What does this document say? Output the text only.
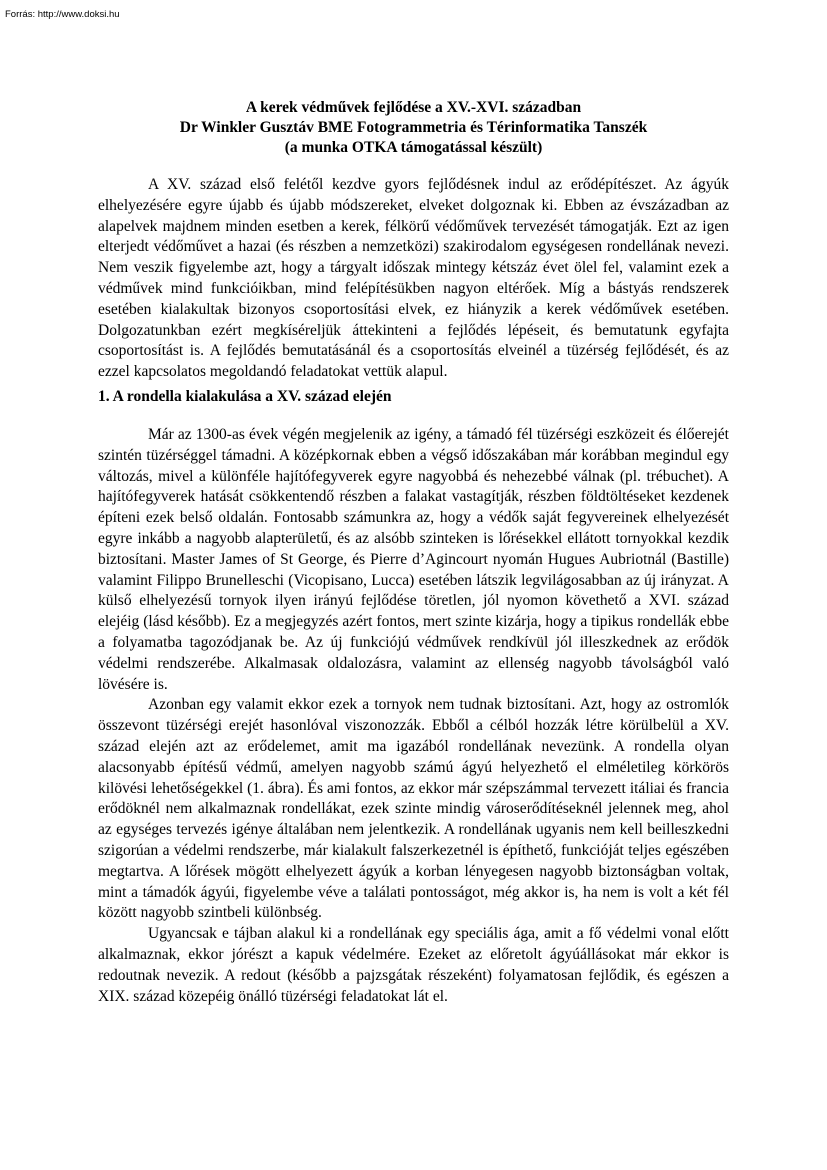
Forrás: http://www.doksi.hu

A kerek védművek fejlődése a XV.-XVI. században

Dr Winkler Gusztáv BME Fotogrammetria és Térinformatika Tanszék

(a munka OTKA támogatással készült)

A XV. század első felétől kezdve gyors fejlődésnek indul az erődépítészet. Az ágyúk elhelyezésére egyre újabb és újabb módszereket, elveket dolgoznak ki. Ebben az évszázadban az alapelvek majdnem minden esetben a kerek, félkörű védőművek tervezését támogatják. Ezt az igen elterjedt védőművet a hazai (és részben a nemzetközi) szakirodalom egységesen rondellának nevezi. Nem veszik figyelembe azt, hogy a tárgyalt időszak mintegy kétszáz évet ölel fel, valamint ezek a védművek mind funkcióikban, mind felépítésükben nagyon eltérőek. Míg a bástyás rendszerek esetében kialakultak bizonyos csoportosítási elvek, ez hiányzik a kerek védőművek esetében. Dolgozatunkban ezért megkíséreljük áttekinteni a fejlődés lépéseit, és bemutatunk egyfajta csoportosítást is. A fejlődés bemutatásánál és a csoportosítás elveinél a tüzérség fejlődését, és az ezzel kapcsolatos megoldandó feladatokat vettük alapul.

1. A rondella kialakulása a XV. század elején

Már az 1300-as évek végén megjelenik az igény, a támadó fél tüzérségi eszközeit és élőerejét szintén tüzérséggel támadni. A középkornak ebben a végső időszakában már korábban megindul egy változás, mivel a különféle hajítófegyverek egyre nagyobbá és nehezebbé válnak (pl. trébuchet). A hajítófegyverek hatását csökkentendő részben a falakat vastagítják, részben földtöltéseket kezdenek építeni ezek belső oldalán. Fontosabb számunkra az, hogy a védők saját fegyvereinek elhelyezését egyre inkább a nagyobb alapterületű, és az alsóbb szinteken is lőrésekkel ellátott tornyokkal kezdik biztosítani. Master James of St George, és Pierre d’Agincourt nyomán Hugues Aubriotnál (Bastille) valamint Filippo Brunelleschi (Vicopisano, Lucca) esetében látszik legvilágosabban az új irányzat. A külső elhelyezésű tornyok ilyen irányú fejlődése töretlen, jól nyomon követhető a XVI. század elejéig (lásd később). Ez a megjegyzés azért fontos, mert szinte kizárja, hogy a tipikus rondellák ebbe a folyamatba tagozódjanak be. Az új funkciójú védművek rendkívül jól illeszkednek az erődök védelmi rendszerébe. Alkalmasak oldalozásra, valamint az ellenség nagyobb távolságból való lövésére is.

Azonban egy valamit ekkor ezek a tornyok nem tudnak biztosítani. Azt, hogy az ostromlók összevont tüzérségi erejét hasonlóval viszonozzák. Ebből a célból hozzák létre körülbelül a XV. század elején azt az erődelemet, amit ma igazából rondellának nevezünk. A rondella olyan alacsonyabb építésű védmű, amelyen nagyobb számú ágyú helyezhető el elméletileg körkörös kilövési lehetőségekkel (1. ábra). És ami fontos, az ekkor már szépszámmal tervezett itáliai és francia erődöknél nem alkalmaznak rondellákat, ezek szinte mindig városerődítéseknél jelennek meg, ahol az egységes tervezés igénye általában nem jelentkezik. A rondellának ugyanis nem kell beilleszkedni szigorúan a védelmi rendszerbe, már kialakult falszerkezetnél is építhető, funkcióját teljes egészében megtartva. A lőrések mögött elhelyezett ágyúk a korban lényegesen nagyobb biztonságban voltak, mint a támadók ágyúi, figyelembe véve a találati pontosságot, még akkor is, ha nem is volt a két fél között nagyobb szintbeli különbség.

Ugyancsak e tájban alakul ki a rondellának egy speciális ága, amit a fő védelmi vonal előtt alkalmaznak, ekkor jórészt a kapuk védelmére. Ezeket az előretolt ágyúállásokat már ekkor is redoutnak nevezik. A redout (később a pajzsgátak részeként) folyamatosan fejlődik, és egészen a XIX. század közepéig önálló tüzérségi feladatokat lát el.
